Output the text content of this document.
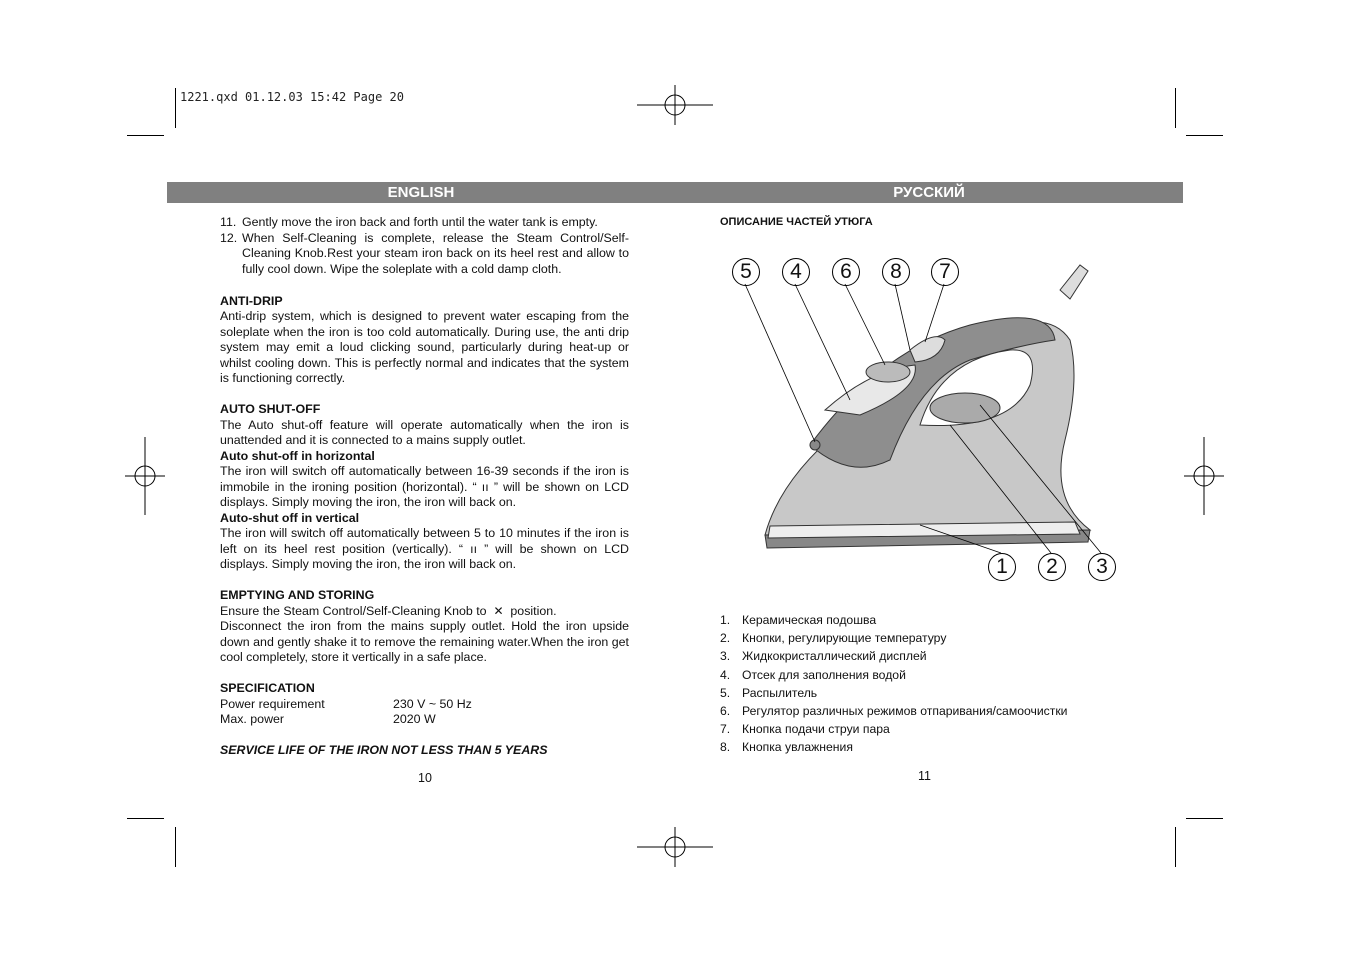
1221.qxd 01.12.03 15:42 Page 20
ENGLISH	РУССКИЙ
11. Gently move the iron back and forth until the water tank is empty.

12. When Self-Cleaning is complete, release the Steam Control/Self-Cleaning Knob.Rest your steam iron back on its heel rest and allow to fully cool down. Wipe the soleplate with a cold damp cloth.

ANTI-DRIP

Anti-drip system, which is designed to prevent water escaping from the soleplate when the iron is too cold automatically. During use, the anti drip system may emit a loud clicking sound, particularly during heat-up or whilst cooling down. This is perfectly normal and indicates that the system is functioning correctly.

AUTO SHUT-OFF

The Auto shut-off feature will operate automatically when the iron is unattended and it is connected to a mains supply outlet.

Auto shut-off in horizontal

The iron will switch off automatically between 16-39 seconds if the iron is immobile in the ironing position (horizontal). “ ıı ” will be shown on LCD displays. Simply moving the iron, the iron will back on.

Auto-shut off in vertical

The iron will switch off automatically between 5 to 10 minutes if the iron is left on its heel rest position (vertically). “ ıı ” will be shown on LCD displays. Simply moving the iron, the iron will back on.

EMPTYING AND STORING

Ensure the Steam Control/Self-Cleaning Knob to ✕ position.

Disconnect the iron from the mains supply outlet. Hold the iron upside down and gently shake it to remove the remaining water.When the iron get cool completely, store it vertically in a safe place.

SPECIFICATION

Power requirement	230 V ~ 50 Hz
Max. power	2020 W

SERVICE LIFE OF THE IRON NOT LESS THAN 5 YEARS

10
ОПИСАНИЕ ЧАСТЕЙ УТЮГА
5	4	6	8	7
1	2	3
1. Керамическая подошва
2. Кнопки, регулирующие температуру
3. Жидкокристаллический дисплей
4. Отсек для заполнения водой
5. Распылитель
6. Регулятор различных режимов отпаривания/самоочистки
7. Кнопка подачи струи пара
8. Кнопка увлажнения
11
